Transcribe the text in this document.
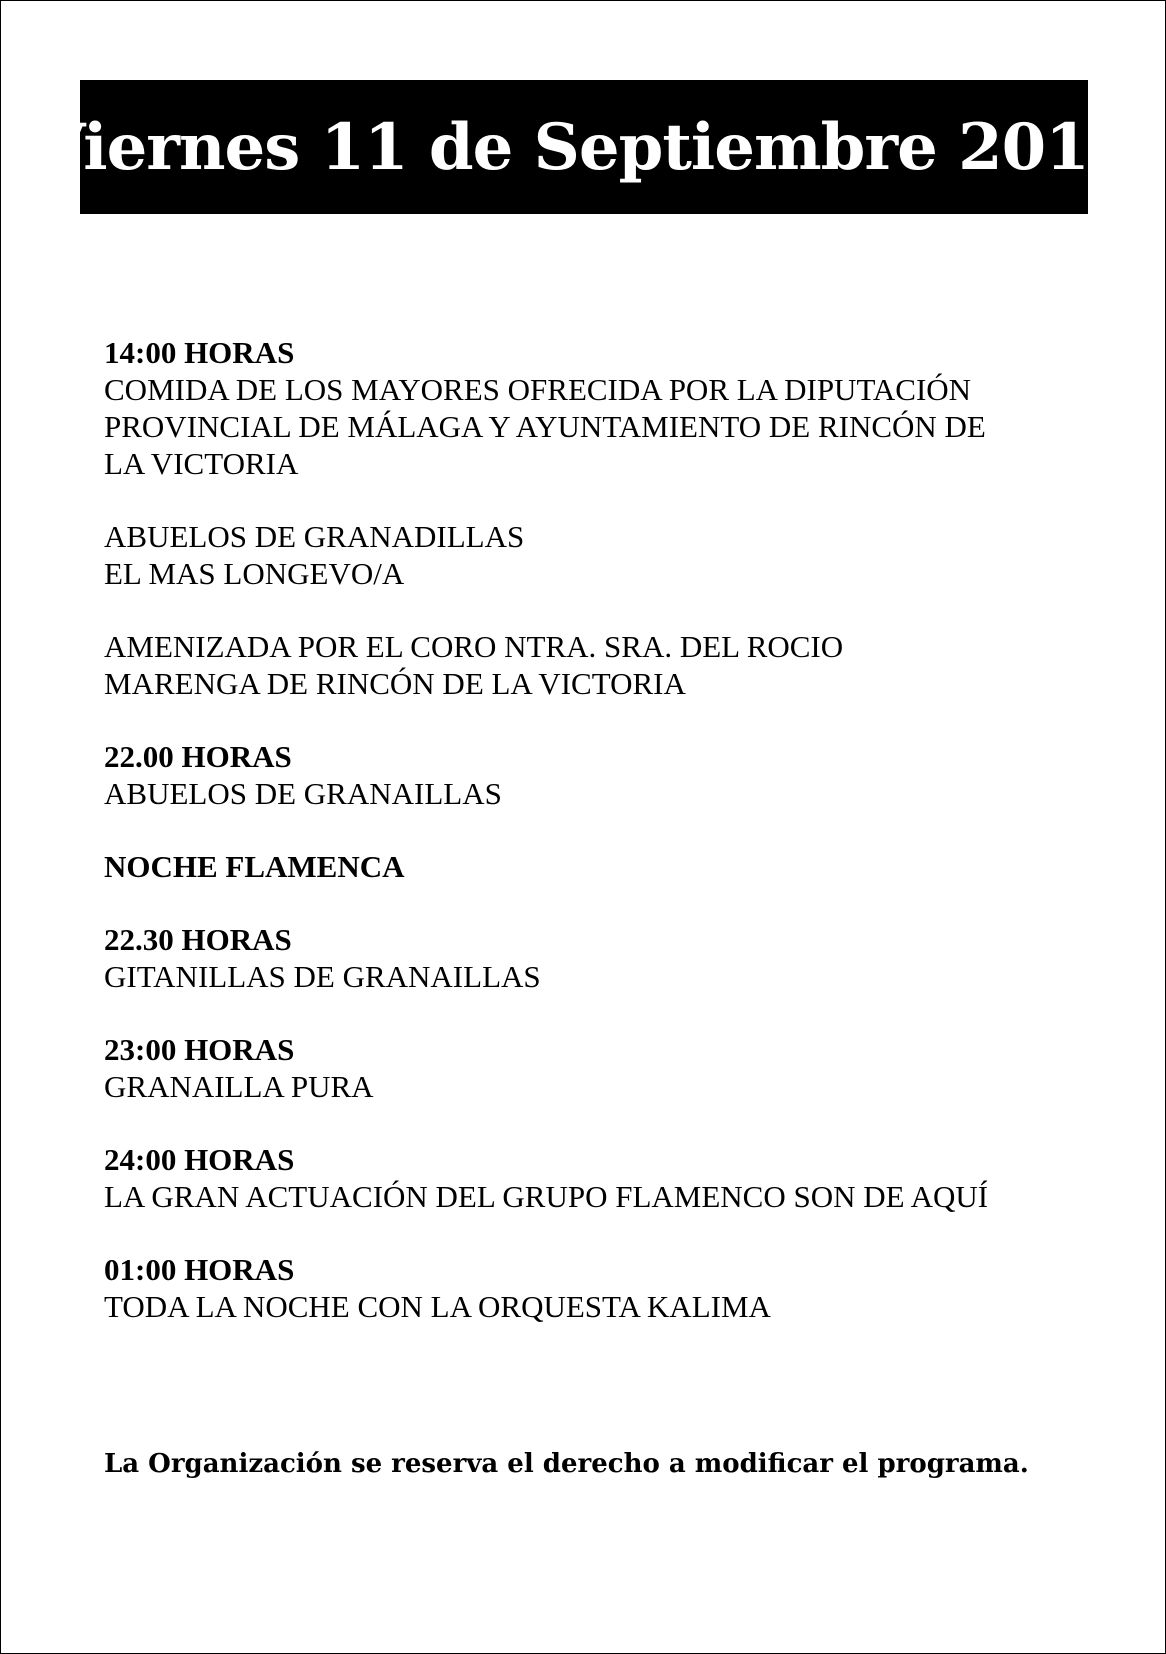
Viernes 11 de Septiembre 2015
14:00 HORAS
COMIDA DE LOS MAYORES OFRECIDA POR LA DIPUTACIÓN
PROVINCIAL DE MÁLAGA Y AYUNTAMIENTO DE RINCÓN DE
LA VICTORIA
ABUELOS DE GRANADILLAS
EL MAS LONGEVO/A
AMENIZADA POR EL CORO NTRA. SRA. DEL ROCIO
MARENGA DE RINCÓN DE LA VICTORIA
22.00 HORAS
ABUELOS DE GRANAILLAS
NOCHE FLAMENCA
22.30 HORAS
GITANILLAS DE GRANAILLAS
23:00 HORAS
GRANAILLA PURA
24:00 HORAS
LA GRAN ACTUACIÓN DEL GRUPO FLAMENCO SON DE AQUÍ
01:00 HORAS
TODA LA NOCHE CON LA ORQUESTA KALIMA
La Organización se reserva el derecho a modificar el programa.
